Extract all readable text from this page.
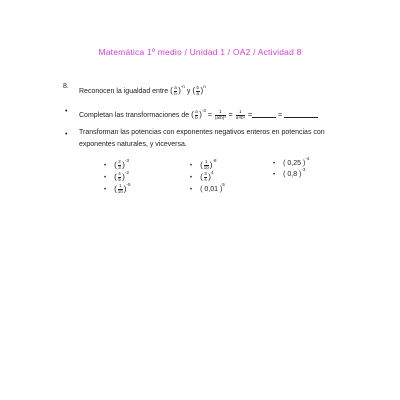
Matemática 1º medio / Unidad 1 / OA2 / Actividad 8
8.
Reconocen la igualdad entre ( $\frac{a}{b} )^{-n}$ y ( $\frac{b}{a} )^n$
•
Completan las transformaciones de ( $\frac{a}{b} )^{-3} = \frac{1}{\text{(a/b)³}} = \frac{1}{\text{a³/b³}}$ =	=
• Transforman las potencias con exponentes negativos enteros en potencias con
exponentes naturales, y viceversa.
• ( $\frac{2}{3} )^{-3}$
• ( $\frac{4}{5} )^{-2}$
• ( $\frac{1}{10} )^{-5}$
• ( $\frac{1}{10} )^{-8}$
• ( $\frac{3}{4} )^4$
• ( 0,01 )$^5$
• ( 0,25 )$^{-4}$
• ( 0,8 )$^{-3}$
